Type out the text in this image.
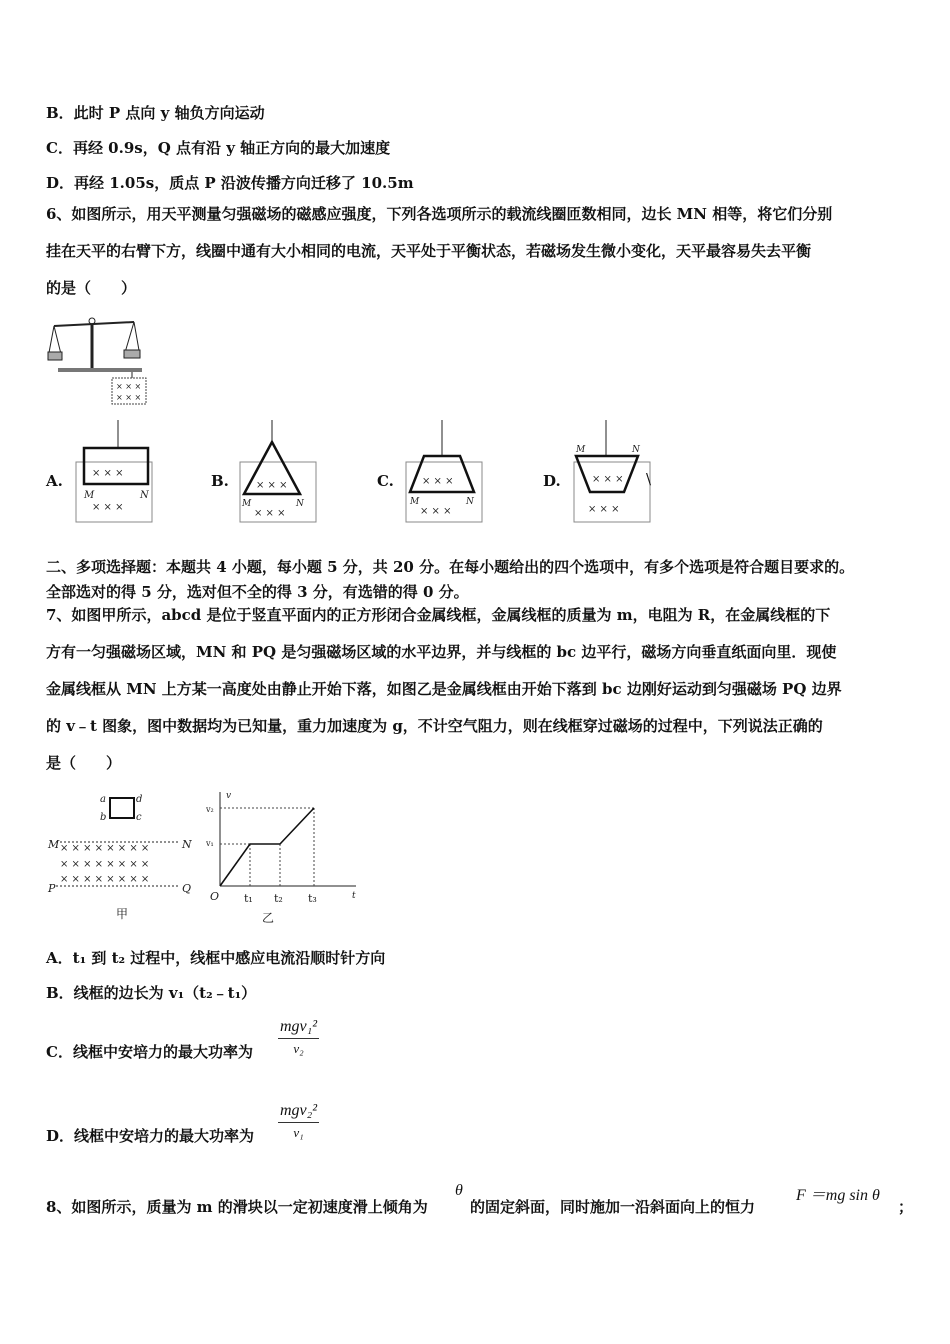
B．此时 P 点向 y 轴负方向运动
C．再经 0.9s，Q 点有沿 y 轴正方向的最大加速度
D．再经 1.05s，质点 P 沿波传播方向迁移了 10.5m
6、如图所示，用天平测量匀强磁场的磁感应强度，下列各选项所示的载流线圈匝数相同，边长 MN 相等，将它们分别
挂在天平的右臂下方，线圈中通有大小相同的电流，天平处于平衡状态，若磁场发生微小变化，天平最容易失去平衡
的是（　　）
× × ×
× × ×
A.	× × ×
M	N
× × ×
B.	× × ×
M	N
× × ×
C.	× × ×
M	N
× × ×
D.
M	N
× × ×
× × ×
\
二、多项选择题：本题共 4 小题，每小题 5 分，共 20 分。在每小题给出的四个选项中，有多个选项是符合题目要求的。
全部选对的得 5 分，选对但不全的得 3 分，有选错的得 0 分。
7、如图甲所示，abcd 是位于竖直平面内的正方形闭合金属线框，金属线框的质量为 m，电阻为 R，在金属线框的下
方有一匀强磁场区域，MN 和 PQ 是匀强磁场区域的水平边界，并与线框的 bc 边平行，磁场方向垂直纸面向里．现使
金属线框从 MN 上方某一高度处由静止开始下落，如图乙是金属线框由开始下落到 bc 边刚好运动到匀强磁场 PQ 边界
的 v﹣t 图象，图中数据均为已知量，重力加速度为 g，不计空气阻力，则在线框穿过磁场的过程中，下列说法正确的
是（　　）
a	d
b	c
M	N
× × × × × × × ×
× × × × × × × ×
× × × × × × × ×
P	Q
甲
v
t
O
v₂
v₁
t₁ t₂ t₃
乙
A．t₁ 到 t₂ 过程中，线框中感应电流沿顺时针方向
B．线框的边长为 v₁（t₂﹣t₁）
C．线框中安培力的最大功率为
mgv₁²
v₂
D．线框中安培力的最大功率为
mgv₂²
v₁
8、如图所示，质量为 m 的滑块以一定初速度滑上倾角为
θ
的固定斜面，同时施加一沿斜面向上的恒力
F ＝mg sin θ
；
